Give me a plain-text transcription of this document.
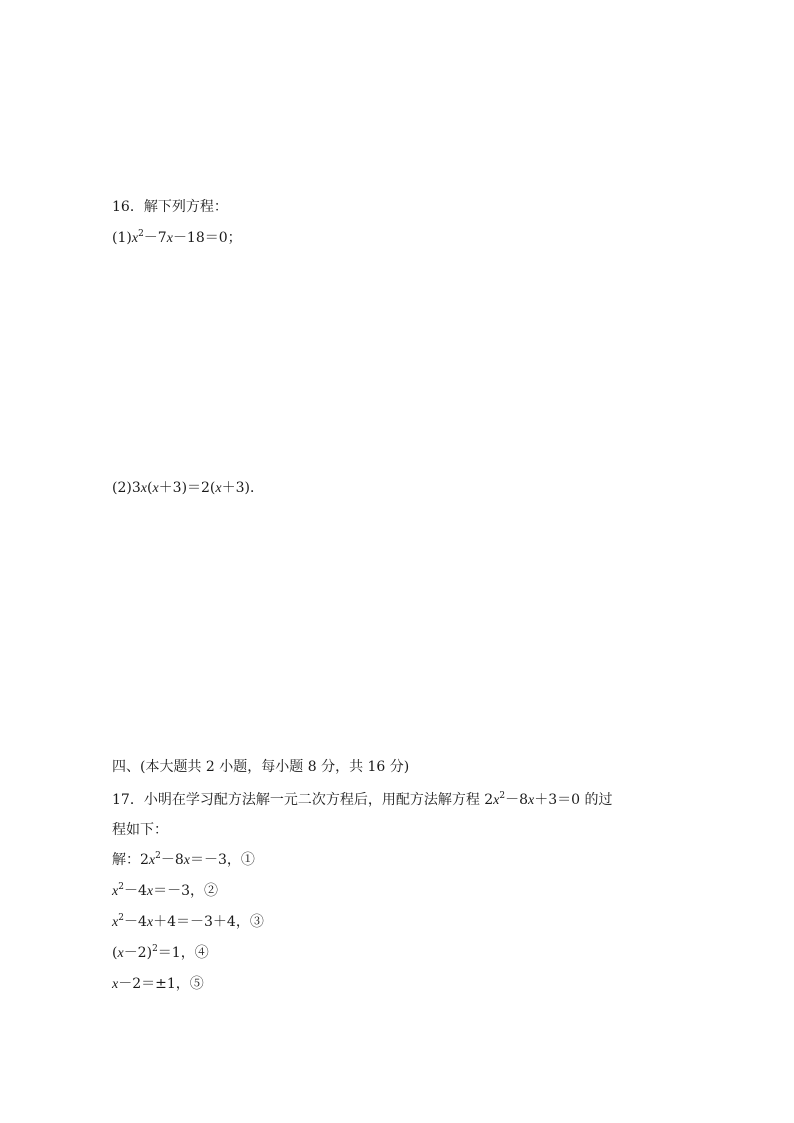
16．解下列方程：
$(1)x^2-7x-18=0$；
(2)3x(x＋3)＝2(x＋3)．
四、(本大题共 2 小题，每小题 8 分，共 16 分)
17．小明在学习配方法解一元二次方程后，用配方法解方程 $2x^2-8x+3=0$ 的过
程如下：
解：$2x^2-8x=-3$，①
$x^2-4x=-3$，②
$x^2-4x+4=-3+4$，③
$(x-2)^2=1$，④
x－2＝±1，⑤
